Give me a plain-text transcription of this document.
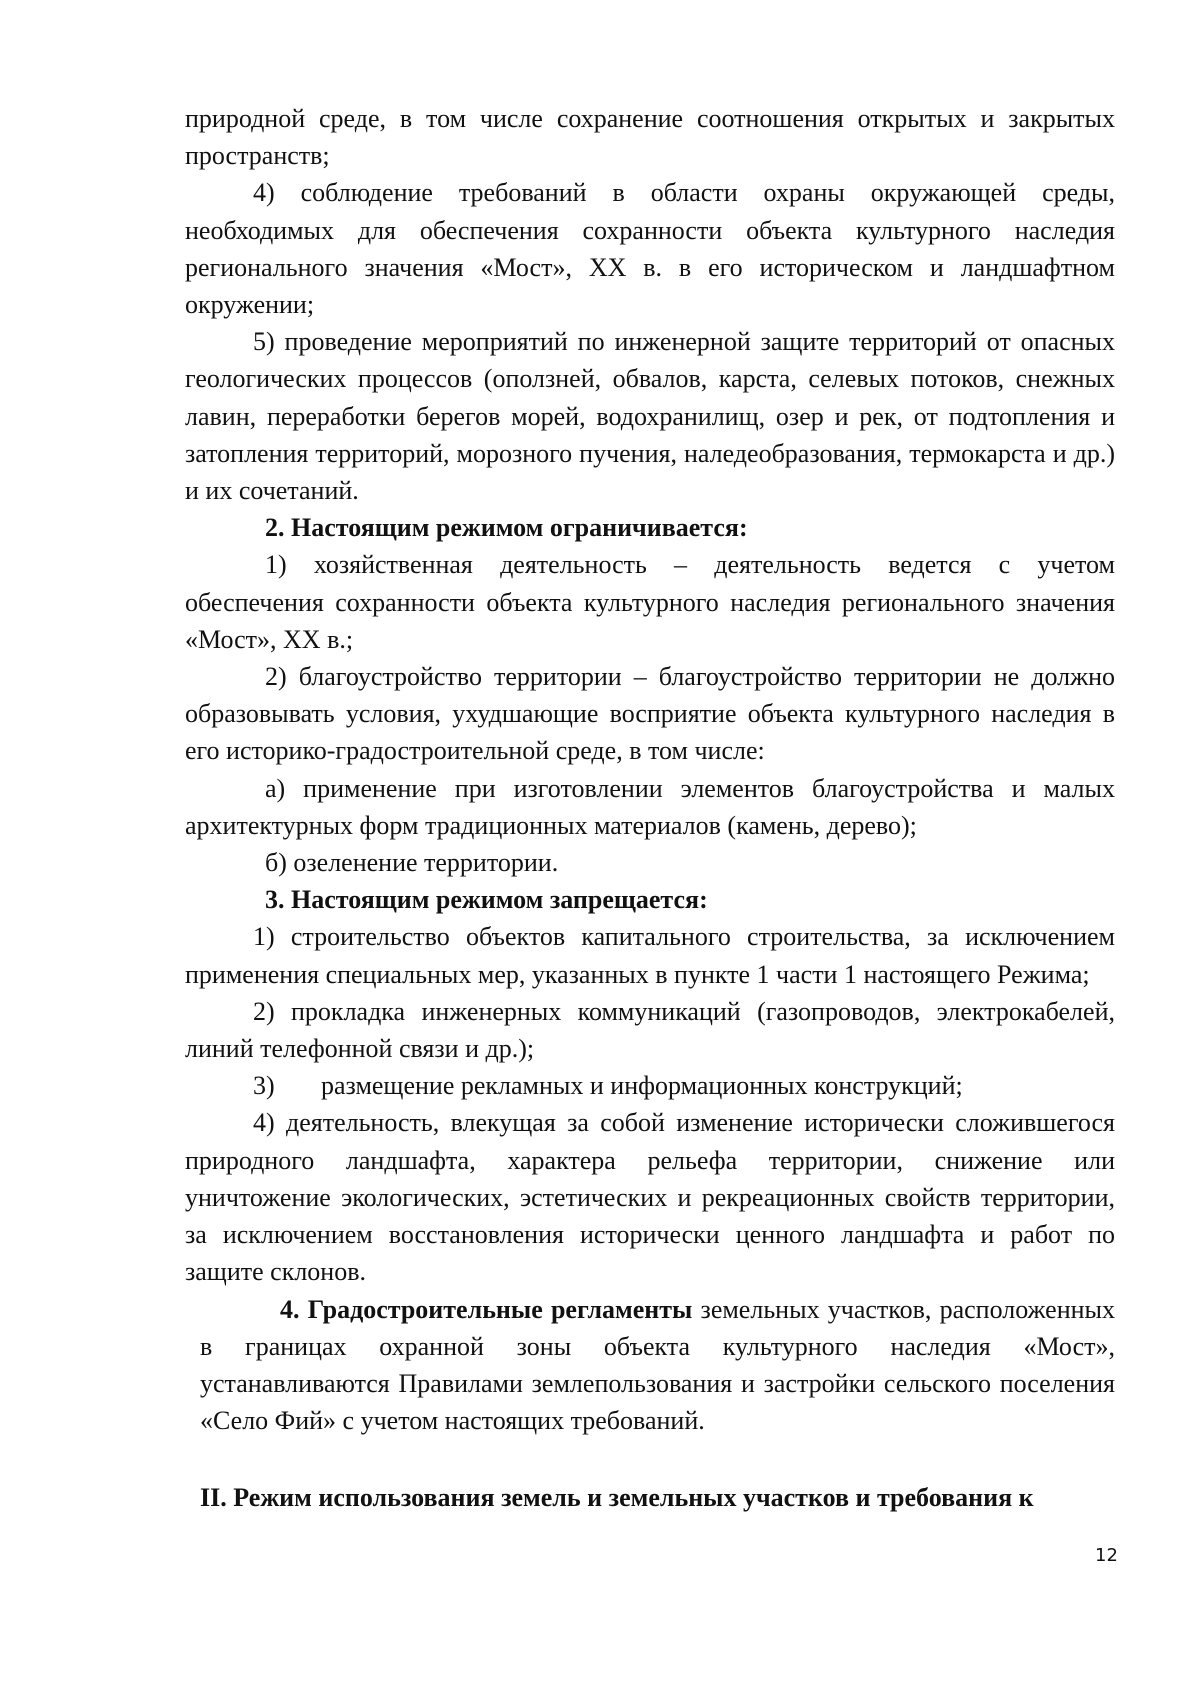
природной среде, в том числе сохранение соотношения открытых и закрытых пространств;

4) соблюдение требований в области охраны окружающей среды, необходимых для обеспечения сохранности объекта культурного наследия регионального значения «Мост», XX в. в его историческом и ландшафтном окружении;

5) проведение мероприятий по инженерной защите территорий от опасных геологических процессов (оползней, обвалов, карста, селевых потоков, снежных лавин, переработки берегов морей, водохранилищ, озер и рек, от подтопления и затопления территорий, морозного пучения, наледеобразования, термокарста и др.) и их сочетаний.

2. Настоящим режимом ограничивается:

1) хозяйственная деятельность – деятельность ведется с учетом обеспечения сохранности объекта культурного наследия регионального значения «Мост», XX в.;

2) благоустройство территории – благоустройство территории не должно образовывать условия, ухудшающие восприятие объекта культурного наследия в его историко-градостроительной среде, в том числе:

а) применение при изготовлении элементов благоустройства и малых архитектурных форм традиционных материалов (камень, дерево);

б) озеленение территории.

3. Настоящим режимом запрещается:

1) строительство объектов капитального строительства, за исключением применения специальных мер, указанных в пункте 1 части 1 настоящего Режима;

2) прокладка инженерных коммуникаций (газопроводов, электрокабелей, линий телефонной связи и др.);

3) размещение рекламных и информационных конструкций;

4) деятельность, влекущая за собой изменение исторически сложившегося природного ландшафта, характера рельефа территории, снижение или уничтожение экологических, эстетических и рекреационных свойств территории, за исключением восстановления исторически ценного ландшафта и работ по защите склонов.

4. Градостроительные регламенты земельных участков, расположенных в границах охранной зоны объекта культурного наследия «Мост», устанавливаются Правилами землепользования и застройки сельского поселения «Село Фий» с учетом настоящих требований.

II. Режим использования земель и земельных участков и требования к

12
